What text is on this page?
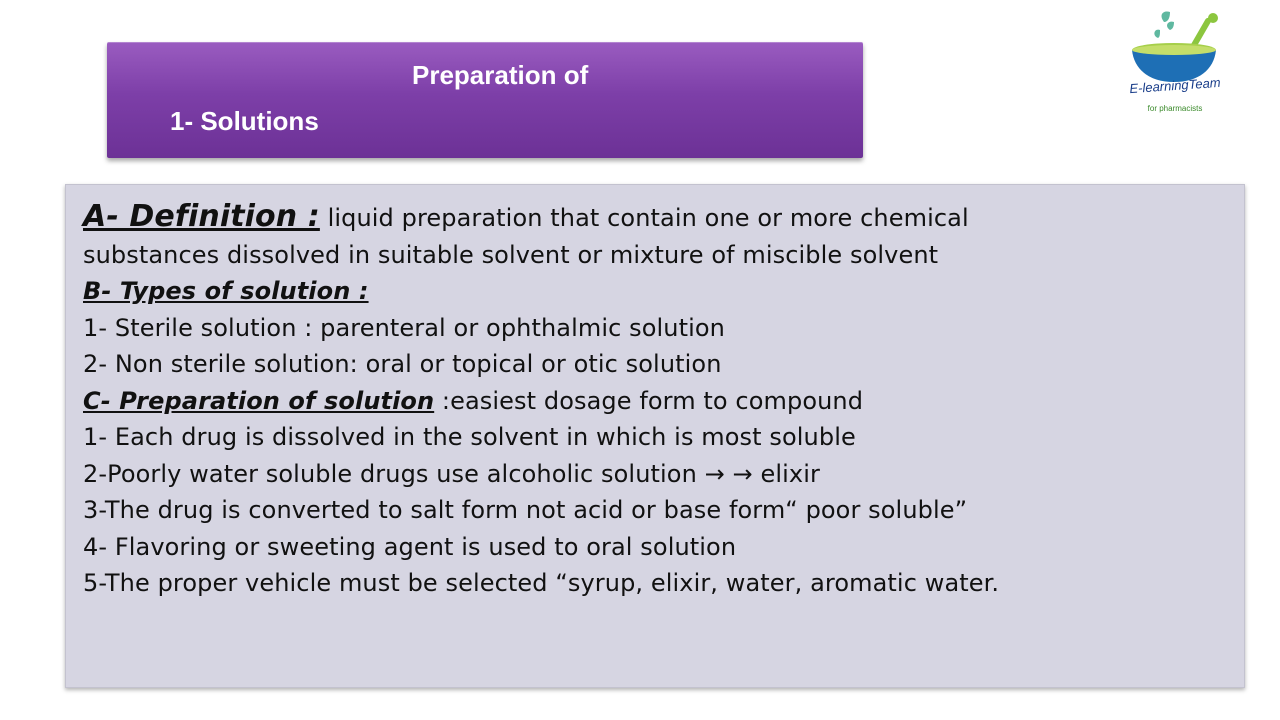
Preparation of
1- Solutions
E-learningTeam
for pharmacists
A- Definition : liquid preparation that contain one or more chemical
substances dissolved in suitable solvent or mixture of miscible solvent
B- Types of solution :
1- Sterile solution : parenteral or ophthalmic solution
2- Non sterile solution: oral or topical or otic solution
C- Preparation of solution :easiest dosage form to compound
1- Each drug is dissolved in the solvent in which is most soluble
2-Poorly water soluble drugs use alcoholic solution → → elixir
3-The drug is converted to salt form not acid or base form“ poor soluble”
4- Flavoring or sweeting agent is used to oral solution
5-The proper vehicle must be selected “syrup, elixir, water, aromatic water.
